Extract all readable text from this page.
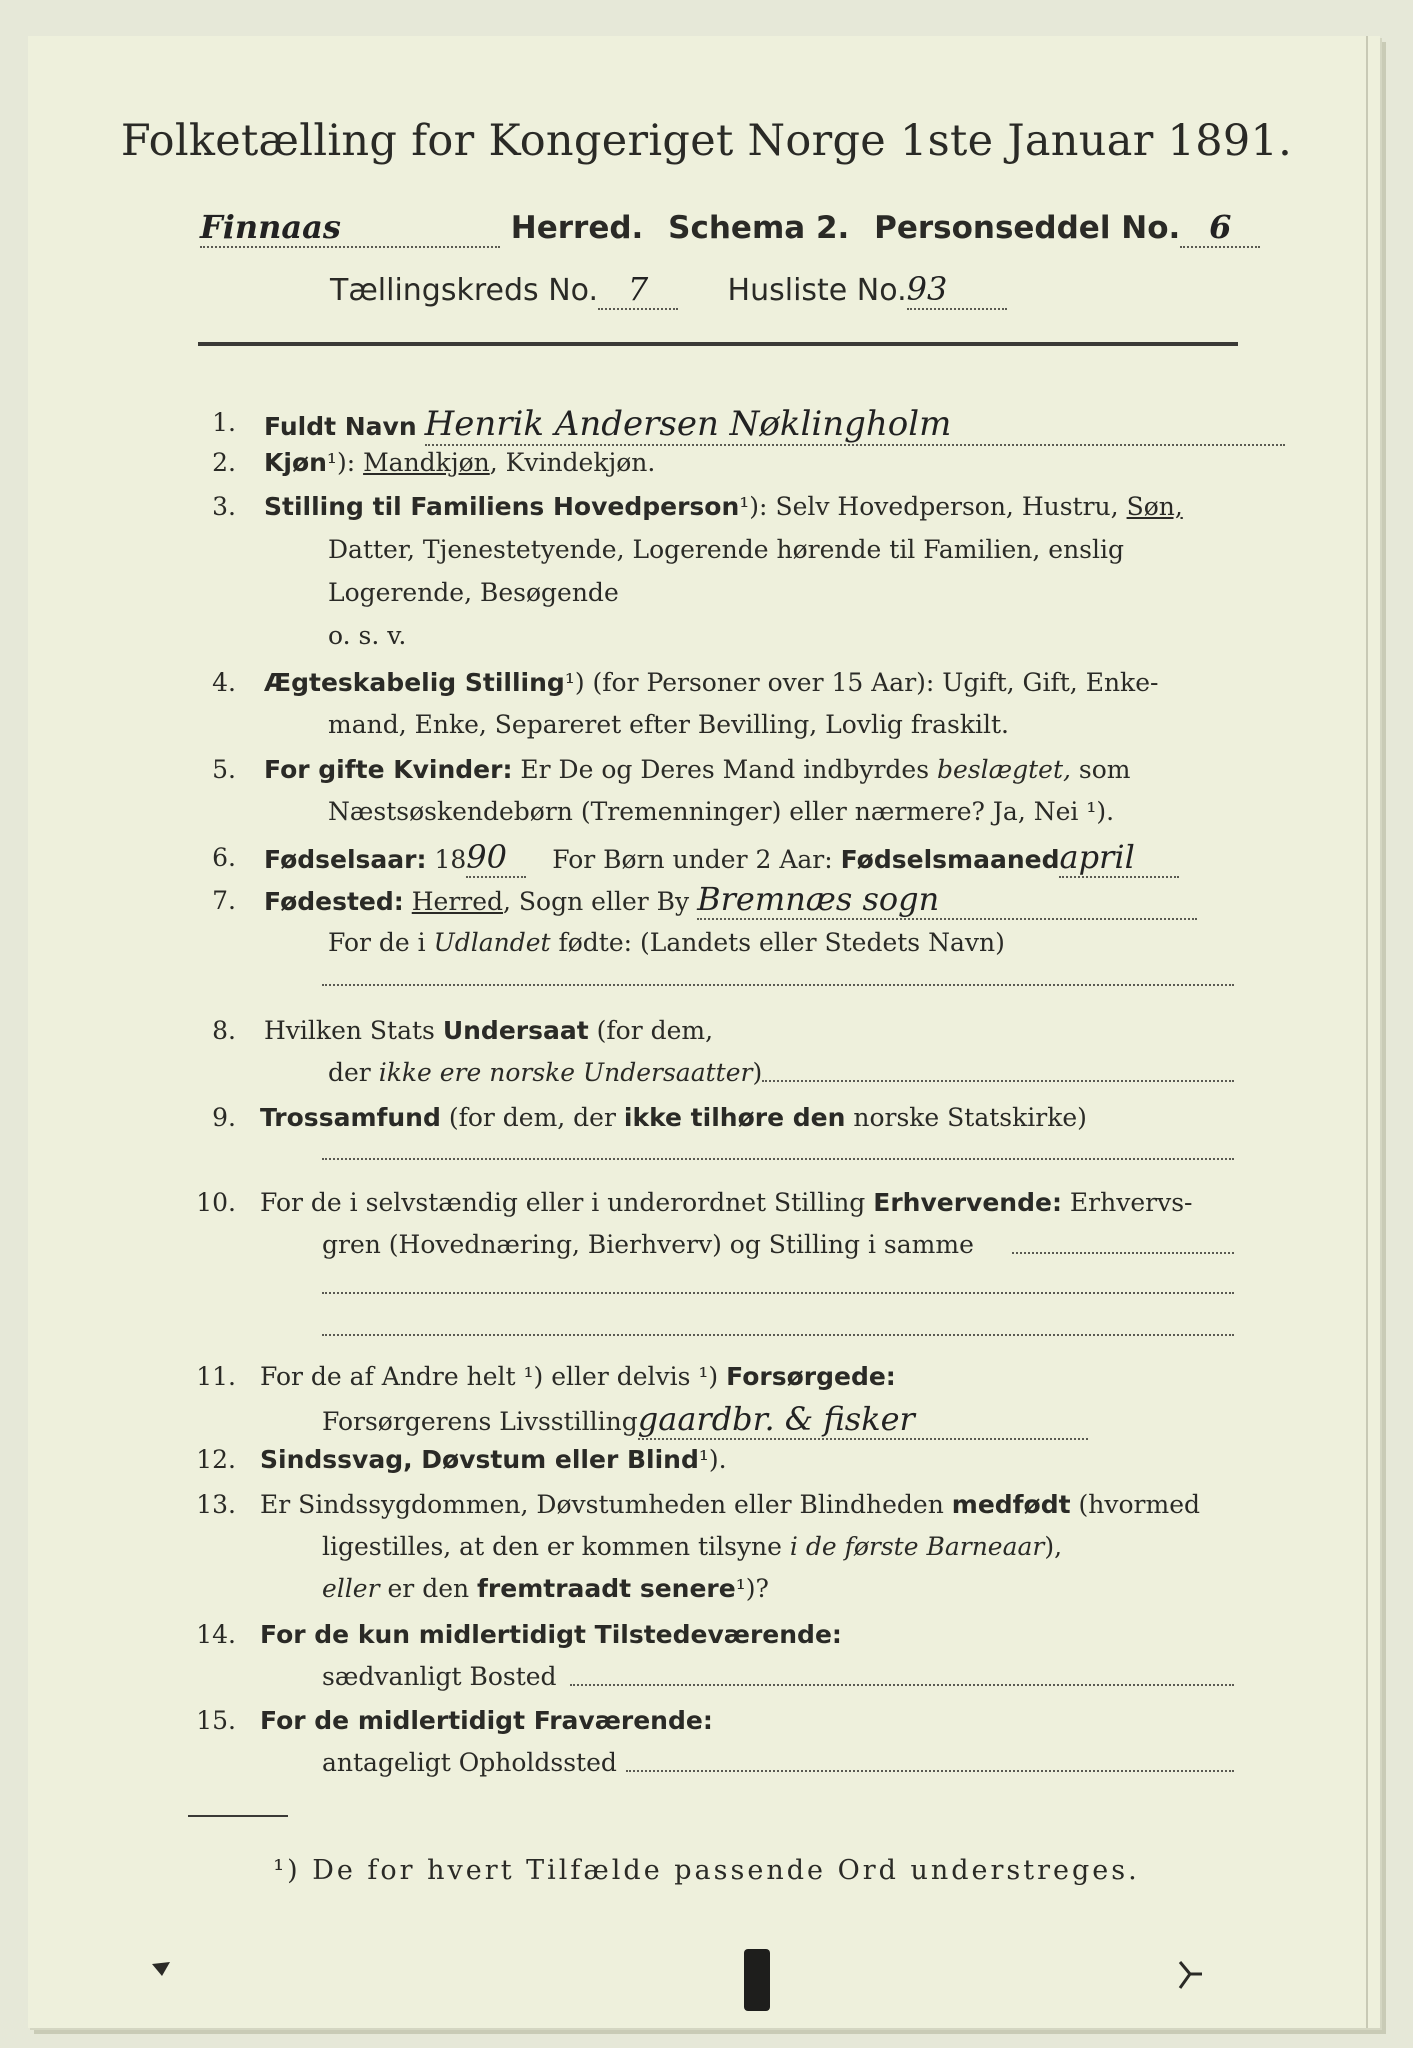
Folketælling for Kongeriget Norge 1ste Januar 1891.
Finnaas	Herred. Schema 2. Personseddel No. 6
Tællingskreds No. 7	Husliste No.93
1. Fuldt Navn Henrik Andersen Nøklingholm
2. Kjøn¹): Mandkjøn, Kvindekjøn.
3. Stilling til Familiens Hovedperson¹): Selv Hovedperson, Hustru, Søn,
Datter, Tjenestetyende, Logerende hørende til Familien, enslig
Logerende, Besøgende
o. s. v.
4. Ægteskabelig Stilling¹) (for Personer over 15 Aar): Ugift, Gift, Enke-
mand, Enke, Separeret efter Bevilling, Lovlig fraskilt.
5. For gifte Kvinder: Er De og Deres Mand indbyrdes beslægtet, som
Næstsøskendebørn (Tremenninger) eller nærmere? Ja, Nei ¹).
6. Fødselsaar: 1890 For Børn under 2 Aar: Fødselsmaanedapril
7. Fødested: Herred, Sogn eller By Bremnæs sogn
For de i Udlandet fødte: (Landets eller Stedets Navn)
8. Hvilken Stats Undersaat (for dem,
der ikke ere norske Undersaatter)
9. Trossamfund (for dem, der ikke tilhøre den norske Statskirke)
10. For de i selvstændig eller i underordnet Stilling Erhvervende: Erhvervs-
gren (Hovednæring, Bierhverv) og Stilling i samme
11. For de af Andre helt ¹) eller delvis ¹) Forsørgede:
Forsørgerens Livsstillinggaardbr. & fisker
12. Sindssvag, Døvstum eller Blind¹).
13. Er Sindssygdommen, Døvstumheden eller Blindheden medfødt (hvormed
ligestilles, at den er kommen tilsyne i de første Barneaar),
eller er den fremtraadt senere¹)?
14. For de kun midlertidigt Tilstedeværende:
sædvanligt Bosted
15. For de midlertidigt Fraværende:
antageligt Opholdssted
¹) De for hvert Tilfælde passende Ord understreges.
